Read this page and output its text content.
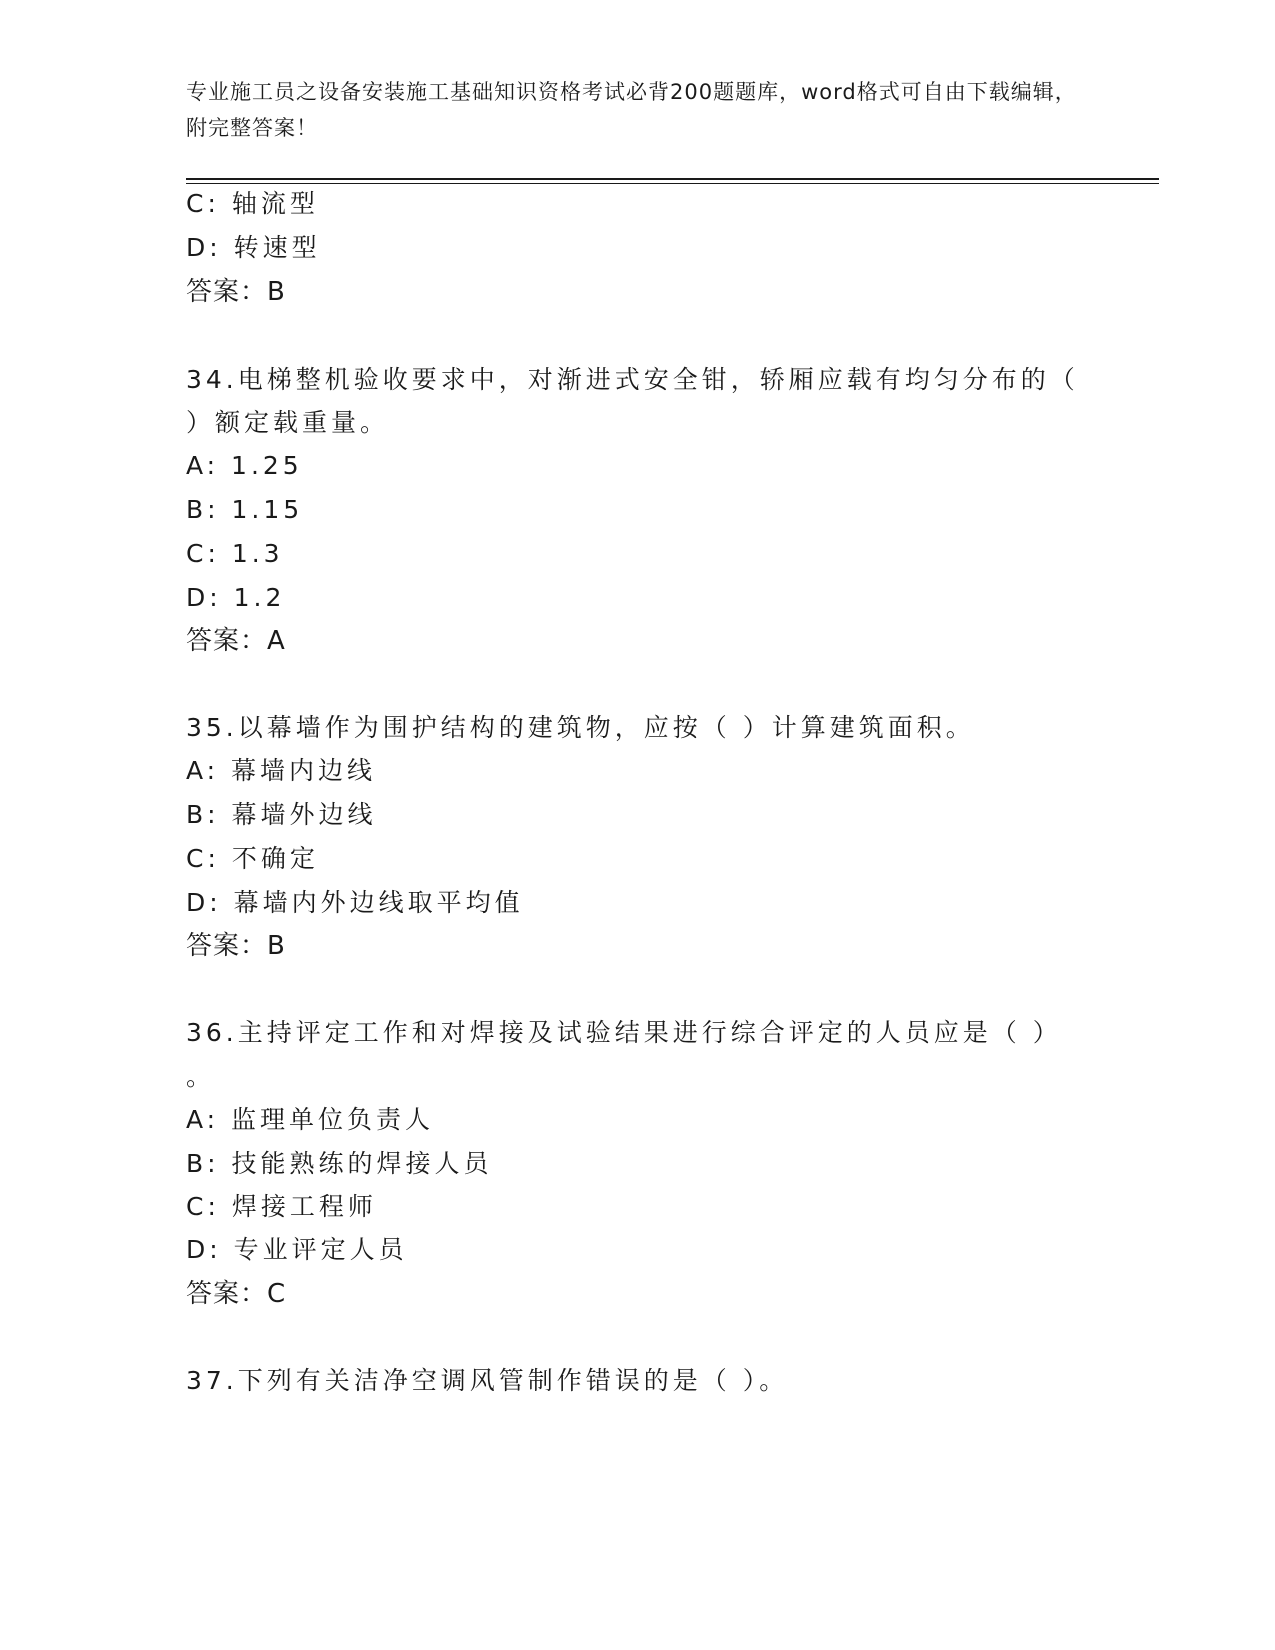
专业施工员之设备安装施工基础知识资格考试必背200题题库，word格式可自由下载编辑，附完整答案！
C: 轴流型
D: 转速型
答案：B
34.电梯整机验收要求中，对渐进式安全钳，轿厢应载有均匀分布的（
）额定载重量。
A: 1.25
B: 1.15
C: 1.3
D: 1.2
答案：A
35.以幕墙作为围护结构的建筑物，应按（ ）计算建筑面积。
A: 幕墙内边线
B: 幕墙外边线
C: 不确定
D: 幕墙内外边线取平均值
答案：B
36.主持评定工作和对焊接及试验结果进行综合评定的人员应是（ ）
。
A: 监理单位负责人
B: 技能熟练的焊接人员
C: 焊接工程师
D: 专业评定人员
答案：C
37.下列有关洁净空调风管制作错误的是（ ）。
